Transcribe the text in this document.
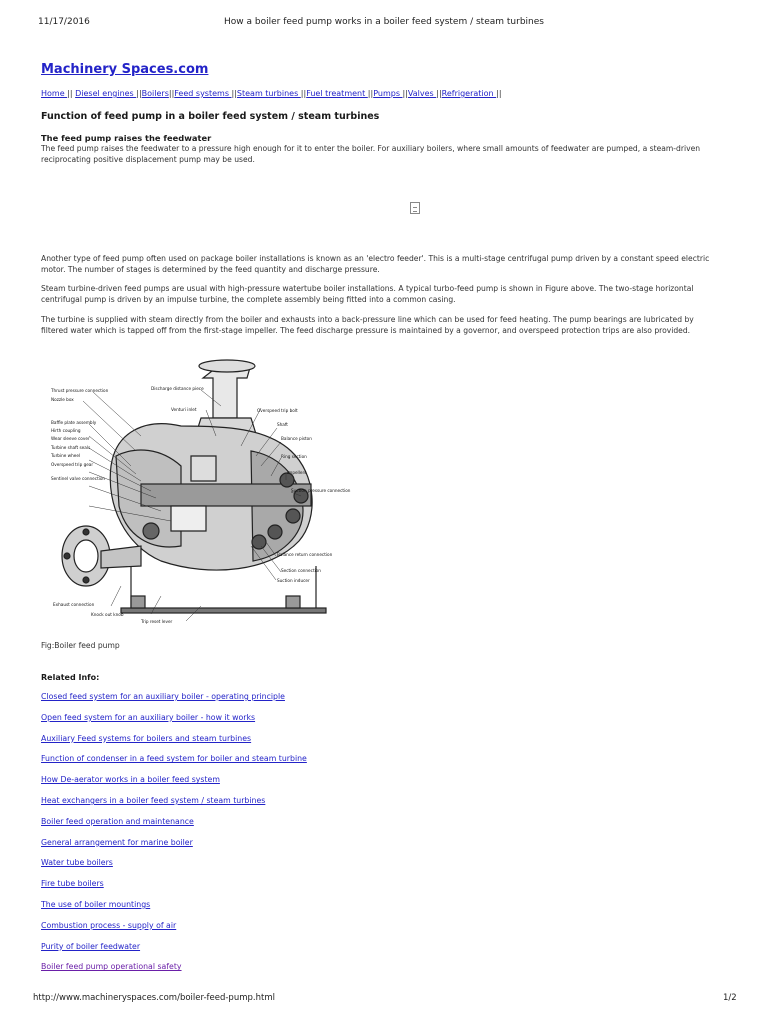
11/17/2016	How a boiler feed pump works in a boiler feed system / steam turbines
Machinery Spaces.com
Home || Diesel engines ||Boilers||Feed systems ||Steam turbines ||Fuel treatment ||Pumps ||Valves ||Refrigeration ||
Function of feed pump in a boiler feed system / steam turbines
The feed pump raises the feedwater

The feed pump raises the feedwater to a pressure high enough for it to enter the boiler. For auxiliary boilers, where small amounts of feedwater are pumped, a steam-driven reciprocating positive displacement pump may be used.

Another type of feed pump often used on package boiler installations is known as an 'electro feeder'. This is a multi-stage centrifugal pump driven by a constant speed electric motor. The number of stages is determined by the feed quantity and discharge pressure.

Steam turbine-driven feed pumps are usual with high-pressure watertube boiler installations. A typical turbo-feed pump is shown in Figure above. The two-stage horizontal centrifugal pump is driven by an impulse turbine, the complete assembly being fitted into a common casing.

The turbine is supplied with steam directly from the boiler and exhausts into a back-pressure line which can be used for feed heating. The pump bearings are lubricated by filtered water which is tapped off from the first-stage impeller. The feed discharge pressure is maintained by a governor, and overspeed protection trips are also provided.

Thrust pressure connection
Nozzle box
Baffle plate assembly
Hirth coupling
Wear sleeve cover
Turbine shaft seals
Turbine wheel
Overspeed trip gear
Sentinel valve connection
Discharge distance piece
Venturi inlet	Overspeed trip bolt
Shaft
Balance piston
Ring section
Impellers
Suction pressure connection
Balance return connection
Section connection
Suction inducer
Exhaust connection
Knock out knob
Trip reset lever
Fig:Boiler feed pump
Related Info:
Closed feed system for an auxiliary boiler - operating principle
Open feed system for an auxiliary boiler - how it works
Auxiliary Feed systems for boilers and steam turbines
Function of condenser in a feed system for boiler and steam turbine
How De-aerator works in a boiler feed system
Heat exchangers in a boiler feed system / steam turbines
Boiler feed operation and maintenance
General arrangement for marine boiler
Water tube boilers
Fire tube boilers
The use of boiler mountings
Combustion process - supply of air
Purity of boiler feedwater
Boiler feed pump operational safety
http://www.machineryspaces.com/boiler-feed-pump.html	1/2
